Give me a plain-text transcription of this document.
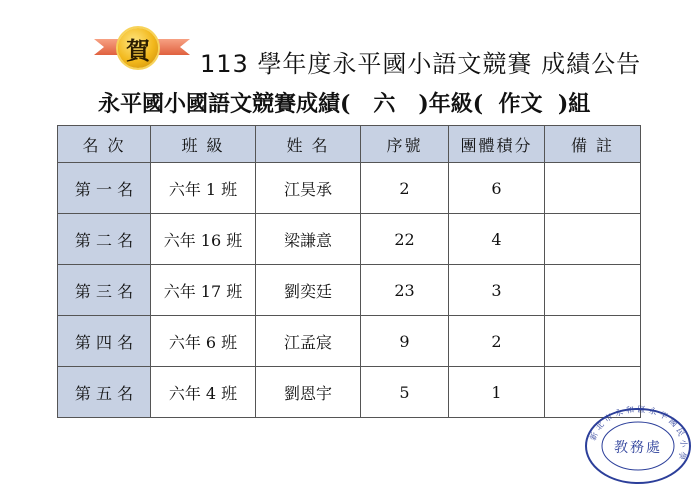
賀	113 學年度永平國小語文競賽 成績公告
永平國小國語文競賽成績(   六   )年級(  作文  )組
名 次	班 級	姓 名	序號	團體積分	備 註
第 一 名	六年 1 班	江昊承	2	6	
第 二 名	六年 16 班	梁謙意	22	4	
第 三 名	六年 17 班	劉奕廷	23	3	
第 四 名	六年 6 班	江孟宸	9	2	
第 五 名	六年 4 班	劉恩宇	5	1	
新北市永和區永平國民小學
教務處
